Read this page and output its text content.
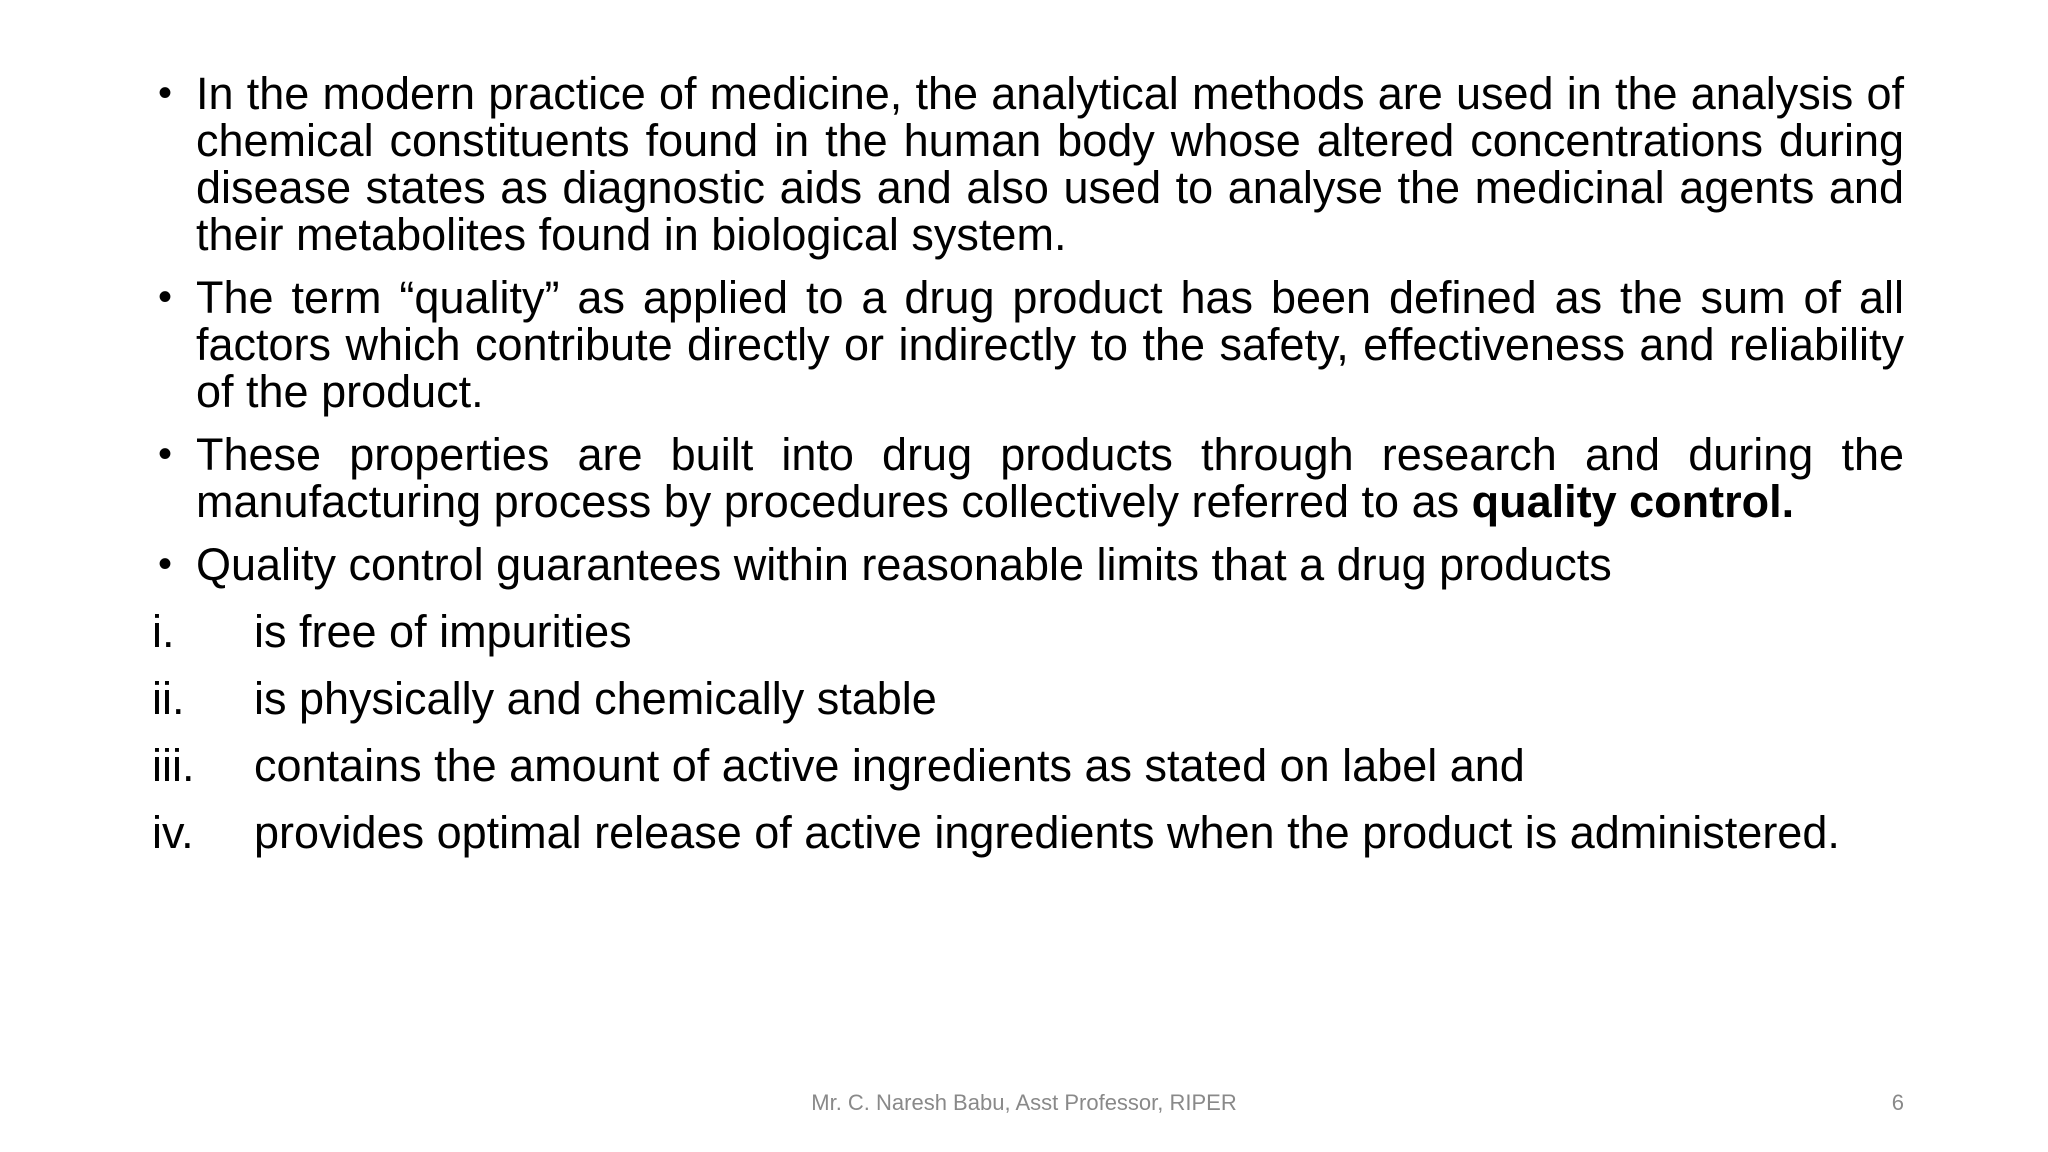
• In the modern practice of medicine, the analytical methods are used in the analysis of chemical constituents found in the human body whose altered concentrations during disease states as diagnostic aids and also used to analyse the medicinal agents and their metabolites found in biological system.
• The term “quality” as applied to a drug product has been defined as the sum of all factors which contribute directly or indirectly to the safety, effectiveness and reliability of the product.
• These properties are built into drug products through research and during the manufacturing process by procedures collectively referred to as quality control.
• Quality control guarantees within reasonable limits that a drug products
i. is free of impurities
ii. is physically and chemically stable
iii. contains the amount of active ingredients as stated on label and
iv. provides optimal release of active ingredients when the product is administered.
Mr. C. Naresh Babu, Asst Professor, RIPER	6
